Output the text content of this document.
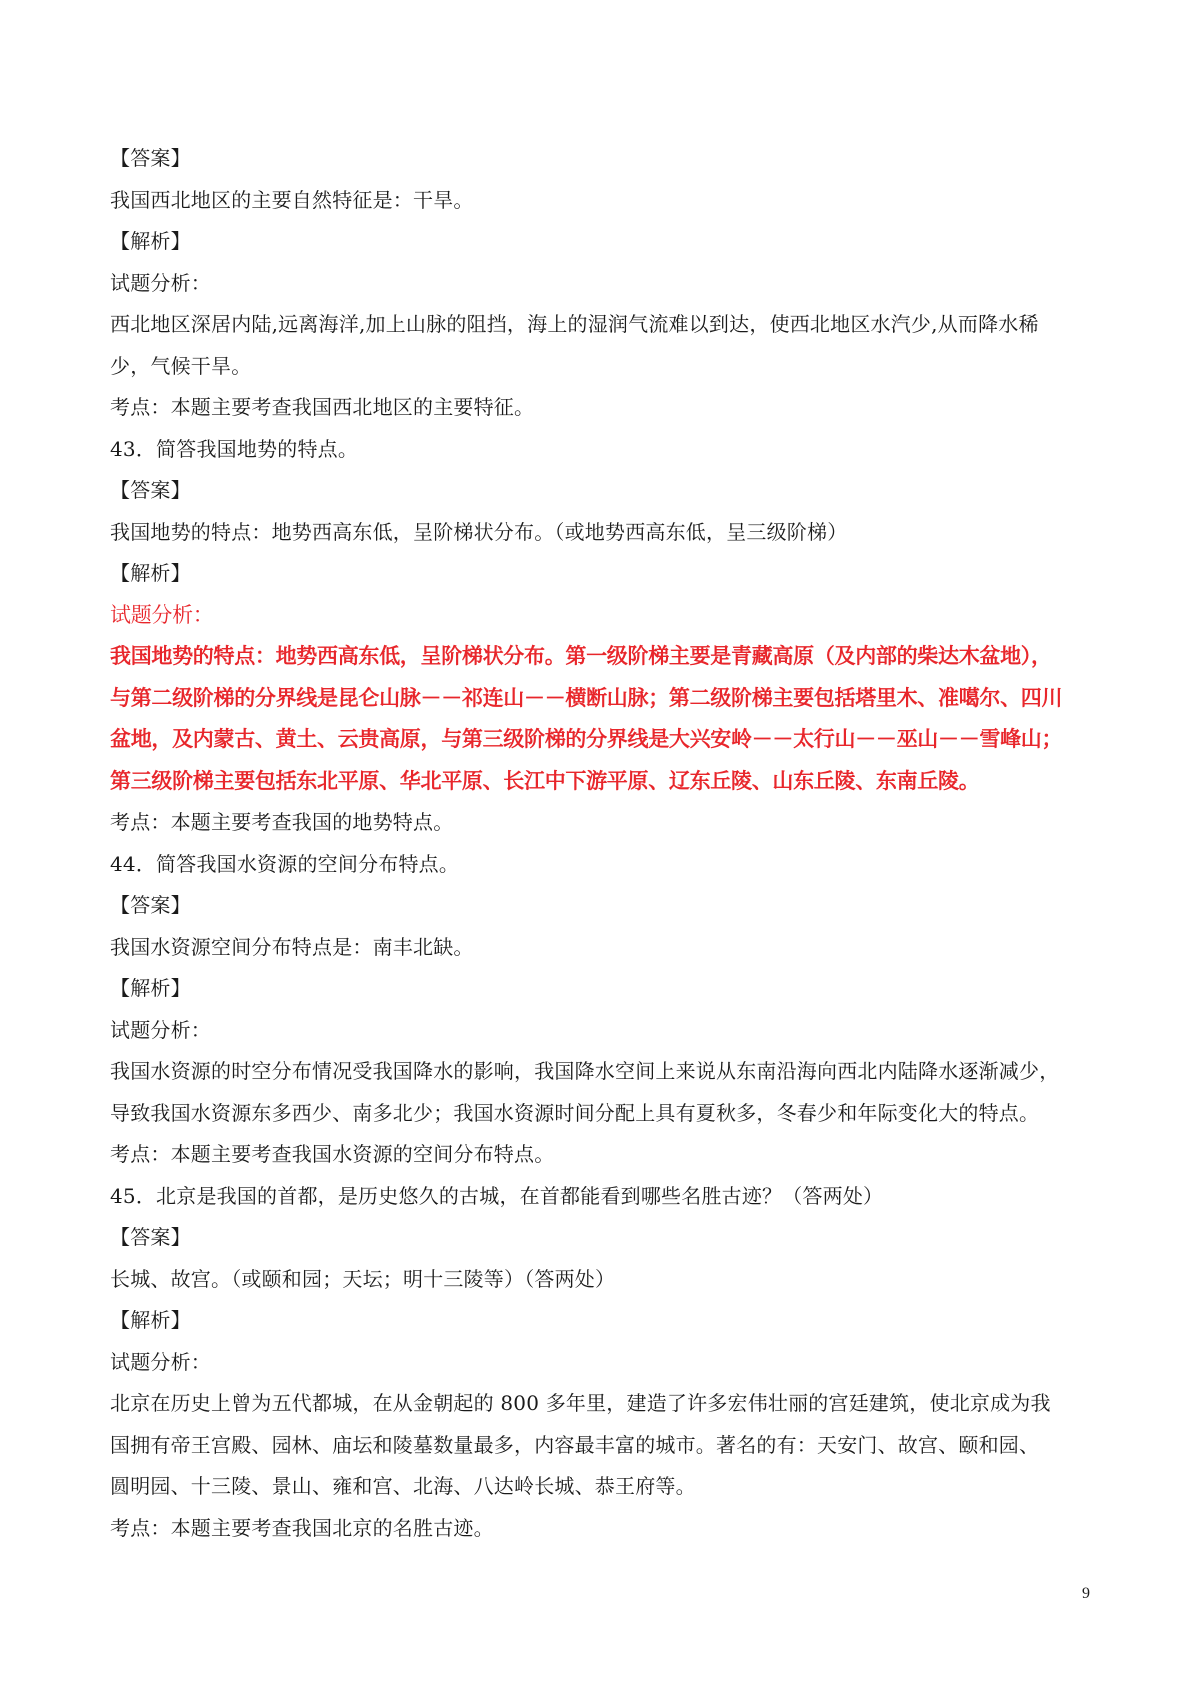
【答案】
我国西北地区的主要自然特征是：干旱。
【解析】
试题分析：
西北地区深居内陆,远离海洋,加上山脉的阻挡，海上的湿润气流难以到达，使西北地区水汽少,从而降水稀
少，气候干旱。
考点：本题主要考查我国西北地区的主要特征。
43．简答我国地势的特点。
【答案】
我国地势的特点：地势西高东低，呈阶梯状分布。（或地势西高东低，呈三级阶梯）
【解析】
试题分析：
我国地势的特点：地势西高东低，呈阶梯状分布。第一级阶梯主要是青藏高原（及内部的柴达木盆地），
与第二级阶梯的分界线是昆仑山脉－－祁连山－－横断山脉；第二级阶梯主要包括塔里木、准噶尔、四川
盆地，及内蒙古、黄土、云贵高原，与第三级阶梯的分界线是大兴安岭－－太行山－－巫山－－雪峰山；
第三级阶梯主要包括东北平原、华北平原、长江中下游平原、辽东丘陵、山东丘陵、东南丘陵。
考点：本题主要考查我国的地势特点。
44．简答我国水资源的空间分布特点。
【答案】
我国水资源空间分布特点是：南丰北缺。
【解析】
试题分析：
我国水资源的时空分布情况受我国降水的影响，我国降水空间上来说从东南沿海向西北内陆降水逐渐减少，
导致我国水资源东多西少、南多北少；我国水资源时间分配上具有夏秋多，冬春少和年际变化大的特点。
考点：本题主要考查我国水资源的空间分布特点。
45．北京是我国的首都，是历史悠久的古城，在首都能看到哪些名胜古迹？（答两处）
【答案】
长城、故宫。（或颐和园；天坛；明十三陵等）（答两处）
【解析】
试题分析：
北京在历史上曾为五代都城，在从金朝起的 800 多年里，建造了许多宏伟壮丽的宫廷建筑，使北京成为我
国拥有帝王宫殿、园林、庙坛和陵墓数量最多，内容最丰富的城市。著名的有：天安门、故宫、颐和园、
圆明园、十三陵、景山、雍和宫、北海、八达岭长城、恭王府等。
考点：本题主要考查我国北京的名胜古迹。
9
